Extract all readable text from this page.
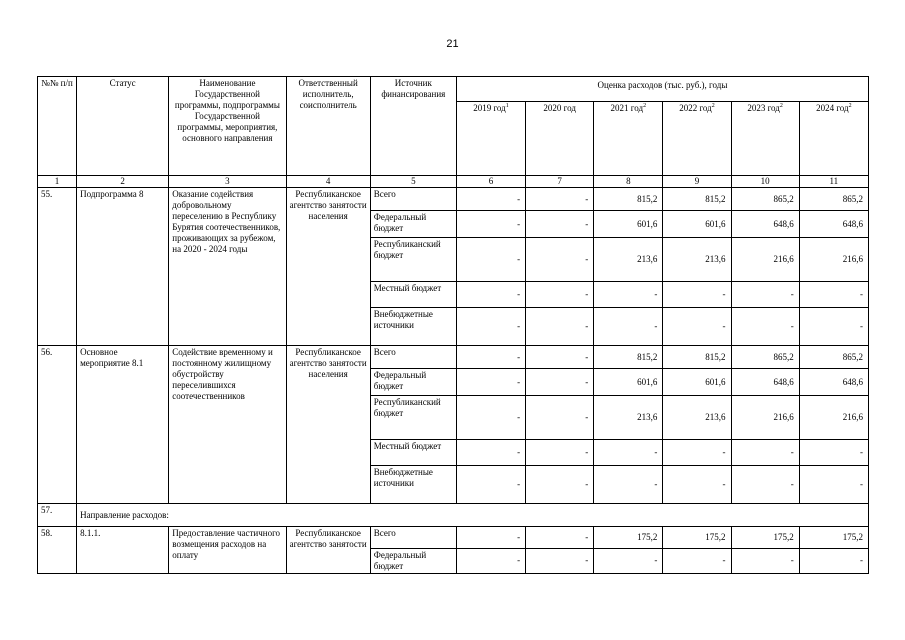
21
№№ п/п	Статус	Наименование Государственной программы, подпрограммы Государственной программы, мероприятия, основного направления	Ответственный исполнитель, соисполнитель	Источник финансирования	Оценка расходов (тыс. руб.), годы					
					2019 год$^1$	2020 год	2021 год$^2$	2022 год$^2$	2023 год$^2$	2024 год$^2$
1	2	3	4	5	6	7	8	9	10	11
55.	Подпрограмма 8	Оказание содействия добровольному переселению в Республику Бурятия соотечественников, проживающих за рубежом, на 2020 - 2024 годы	Республиканское агентство занятости населения	Всего	-	-	815,2	815,2	865,2	865,2
				Федеральный бюджет	-	-	601,6	601,6	648,6	648,6
				Республиканский бюджет	-	-	213,6	213,6	216,6	216,6
				Местный бюджет	-	-	-	-	-	-
				Внебюджетные источники	-	-	-	-	-	-
56.	Основное мероприятие 8.1	Содействие временному и постоянному жилищному обустройству переселившихся соотечественников	Республиканское агентство занятости населения	Всего	-	-	815,2	815,2	865,2	865,2
				Федеральный бюджет	-	-	601,6	601,6	648,6	648,6
				Республиканский бюджет	-	-	213,6	213,6	216,6	216,6
				Местный бюджет	-	-	-	-	-	-
				Внебюджетные источники	-	-	-	-	-	-
57.	Направление расходов:									
58.	8.1.1.	Предоставление частичного возмещения расходов на оплату	Республиканское агентство занятости	Всего	-	-	175,2	175,2	175,2	175,2
				Федеральный бюджет	-	-	-	-	-	-
